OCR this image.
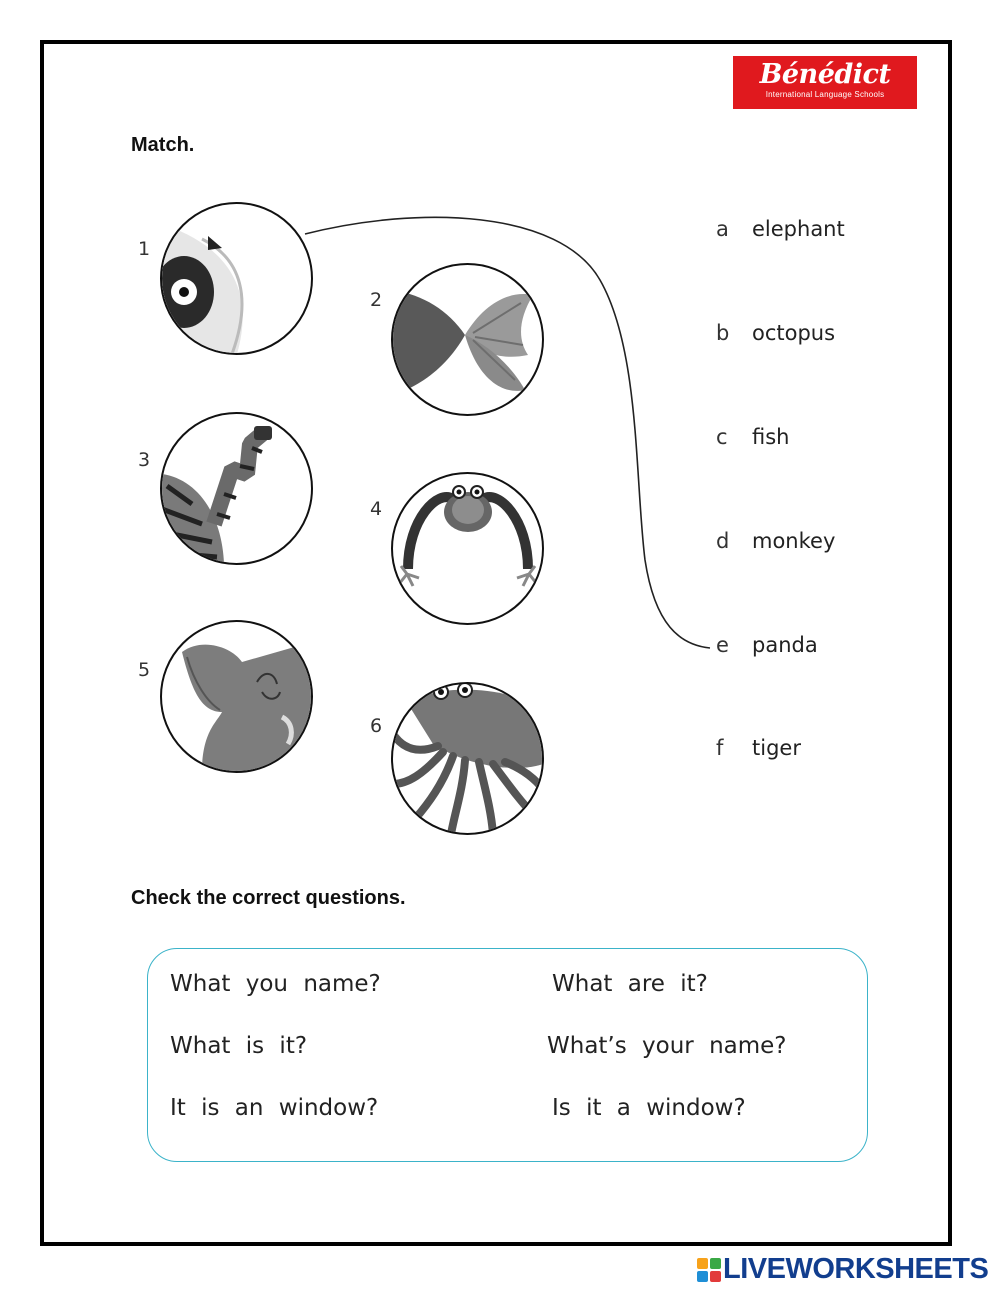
Bénédict
International Language Schools
Match.
1
2
3
4
5
6
a elephant
b octopus
c fish
d monkey
e panda
f tiger
Check the correct questions.
What you name?	What are it?
What is it?	What’s your name?
It is an window?	Is it a window?
LIVEWORKSHEETS
